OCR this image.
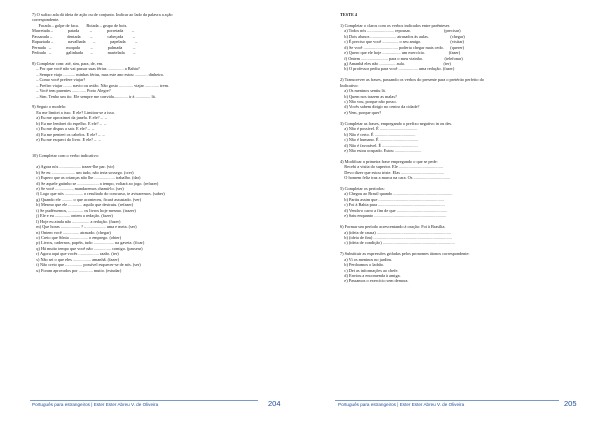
7) O sufixo ada dá ideia de ação ou de conjunto. Indicar ao lado da palavra a ação
correspondente.
Facada – golpe de faca.       Boiada – grupo de bois.
Marretada –              patada          –              porretada        –
Passarada –              dentada         –              cabeçada         –
Rapaziada –              navalhada       –              papelada         –
Pernada   –              moqada          –              palmada          –
Pedrada   –              galinhada       –              martelada        –
8) Completar com: até, sim, para, de, em.
– Por que você não vai passar suas férias ............... a Bahia?
– Sempre viajo ........... minhas férias, mas este ano estou ............ dinheiro.
– Como você prefere viajar?
– Prefiro viajar ........ navio ou avião. Não gosto ............. viajar ............. trem.
– Você tem parentes ............. Porto Alegre?
– Sim. Tenho um tio. Ele sempre me convida............. ir à .............. lá.
9) Seguir o modelo:
Eu me limitei a isso. E ele? Limitou-se a isso.
a) Eu me aproximei da janela. E ele? –  –
b) Eu me lembrei do espelho. E ele? –  –
c) Eu me dispus a sair. E ele? –  –
d) Eu me penteei os cabelos. E ele? –  –
e) Eu me esqueci do livro. E ele? –  –
10) Completar com o verbo indicativo:
a) Agora nós .................... trazer-lhe par. (vir)
b) Se eu ...................... um tudo, não teria sossego. (crer)
c) Espero que as crianças não lhe ................... trabalho. (dar)
d) Se aquele gatinho se .................... a tempo, voltará ao jogo. (refazer)
e) Se você ................, mandaremos chamá-lo. (ser)
f) Logo que nós ................. o resultado do concurso, te avisaremos. (saber)
g) Quando ele .......... o que aconteceu, ficará assustado. (ver)
h) Mesmo que ele ............. aquilo que destruiu. (refazer)
i) Se pudéssemos, .............. os livros hoje mesmo. (trazer)
j) Ele e eu .............. ontem a redação. (fazer)
l) Hoje eu ainda não ................ a redação. (fazer)
m) Que horas .................. ? – ................. uma e meia. (ser)
n) Ontem você ............... atrasado. (chegar)
o) Creio que Sônia ................. o emprego. (obter)
p) Livros, cadernos, papéis, tudo ................... na gaveta. (ficar)
q) Há muito tempo que você não ................ comigo. (passear)
r) Agora aqui que vocês ................... razão. (ter)
s) Não sei o que eles ................. amanhã. (fazer)
t) Não creio que ................ possível esquecer-se de nós. (ser)
u) Foram aprovados por ............. muito. (estudar)
Português para estrangeiros | Ester Ester Abreu V. de Oliveira	204
TESTE 4
1) Completar o claros com os verbos indicados entre parênteses
a) Todos nós ......................... repousar.                               (precisar)
b) Dois alunos ........................ atrasados às aulas.                    (chegar)
c) É preciso que você ............... o seu amigo.                           (visitar)
d) Se você ................................ poderia chegar mais cedo.      (querer)
e) Quero que ele hoje ................. um exercício.                      (fazer)
f) Ontem ......................... para o meu vizinho.                    (telefonar)
g) Amanhã eles não ............... aula.                                    (ter)
h) O professor pediu para você .................. uma redação. (fazer)
2) Transcrever as frases, passando os verbos do presente para o pretérito perfeito do
Indicativo:
a) Os meninos sentiu lá.
b) Quem nos trazem as malas?
c) Não vou, porque não posso.
d) Vocês sabem dirigir no centro da cidade?
e) Vem, porque quer?
3) Completar as frases, empregando o prefixo negativo in ou des.
a) Não é possível. É ...................................
b) Não é certo. É ......................................
c) Não é humano. É ....................................
d) Não é favorável. É .................................
e) Não estou ocupado. Estou .........................
4) Modificar a primeira frase empregando o que se pede:
Recebi a visita do superior. Ele .........................................
Devo dizer que estou triste. Elas ........................................
O homem feliz traz a marca na cara. Os ..................................
5) Completar os períodos:
a) Chegou ao Brasil quando .......................................................
b) Partiu assim que .............................................................
c) Foi à Bahia para ..............................................................
d) Venda-o carro a fim de que ...............................................
e) Saiu enquanto ...................................................................
6) Formar um período acrescentando à oração: Foi à Brasília.
a) (ideia de causa) .....................................................................
b) (ideia de fim) .........................................................................
c) (ideia de condição) ...................................................................
7) Substituir as expressões grifadas pelos pronomes átonos correspondente:
a) Vi os meninos no jardim.
b) Perdoamos o ladrão.
c) Dei as informações ao chefe.
d) Enviou a encomenda à amiga.
e) Passamos o exercício sem demora.
Português para estrangeiros | Ester Ester Abreu V. de Oliveira	205
